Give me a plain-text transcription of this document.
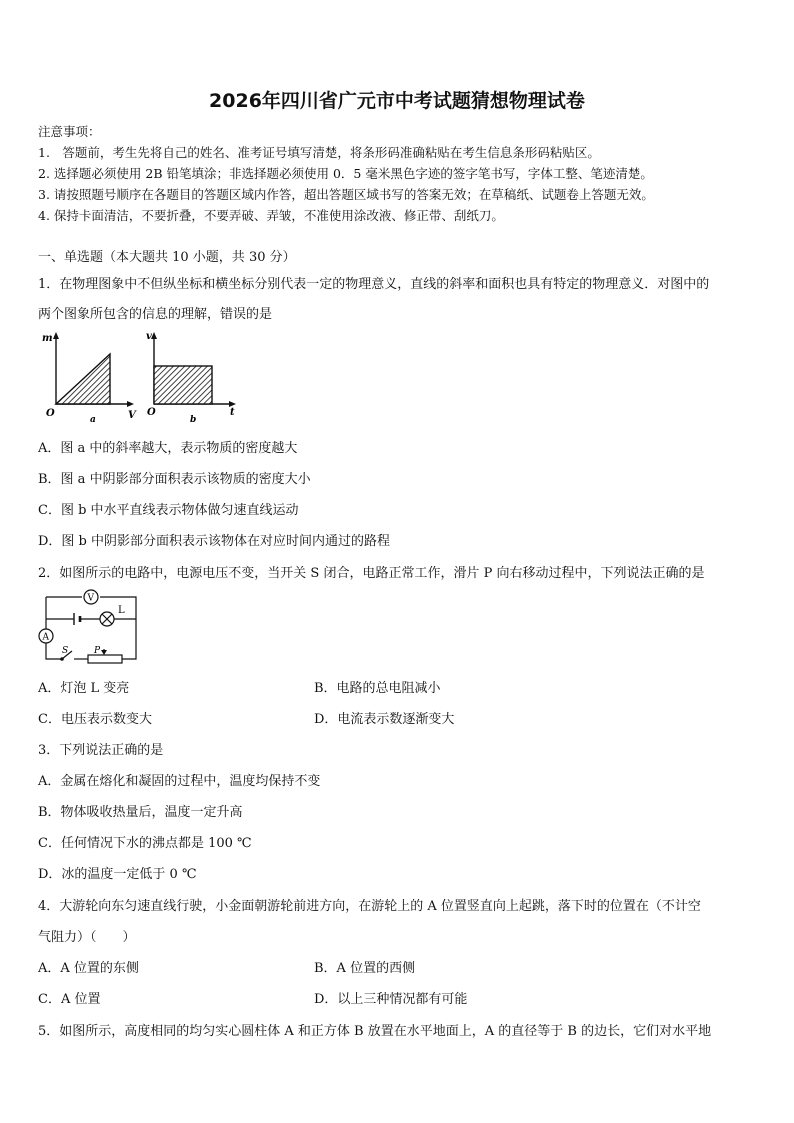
2026年四川省广元市中考试题猜想物理试卷
注意事项：
1.　答题前，考生先将自己的姓名、准考证号填写清楚，将条形码准确粘贴在考生信息条形码粘贴区。
2. 选择题必须使用 2B 铅笔填涂；非选择题必须使用 0．5 毫米黑色字迹的签字笔书写，字体工整、笔迹清楚。
3. 请按照题号顺序在各题目的答题区域内作答，超出答题区域书写的答案无效；在草稿纸、试题卷上答题无效。
4. 保持卡面清洁，不要折叠，不要弄破、弄皱，不准使用涂改液、修正带、刮纸刀。
一、单选题（本大题共 10 小题，共 30 分）
1．在物理图象中不但纵坐标和横坐标分别代表一定的物理意义，直线的斜率和面积也具有特定的物理意义．对图中的
两个图象所包含的信息的理解，错误的是
m
V
O
a
v
t
O
b
A．图 a 中的斜率越大，表示物质的密度越大
B．图 a 中阴影部分面积表示该物质的密度大小
C．图 b 中水平直线表示物体做匀速直线运动
D．图 b 中阴影部分面积表示该物体在对应时间内通过的路程
2．如图所示的电路中，电源电压不变，当开关 S 闭合，电路正常工作，滑片 P 向右移动过程中，下列说法正确的是
V
L
A
S	P
A．灯泡 L 变亮	B．电路的总电阻减小
C．电压表示数变大	D．电流表示数逐渐变大
3．下列说法正确的是
A．金属在熔化和凝固的过程中，温度均保持不变
B．物体吸收热量后，温度一定升高
C．任何情况下水的沸点都是 100 ℃
D．冰的温度一定低于 0 ℃
4．大游轮向东匀速直线行驶，小金面朝游轮前进方向，在游轮上的 A 位置竖直向上起跳，落下时的位置在（不计空
气阻力）（　　）
A．A 位置的东侧	B．A 位置的西侧
C．A 位置	D．以上三种情况都有可能
5．如图所示，高度相同的均匀实心圆柱体 A 和正方体 B 放置在水平地面上，A 的直径等于 B 的边长，它们对水平地
